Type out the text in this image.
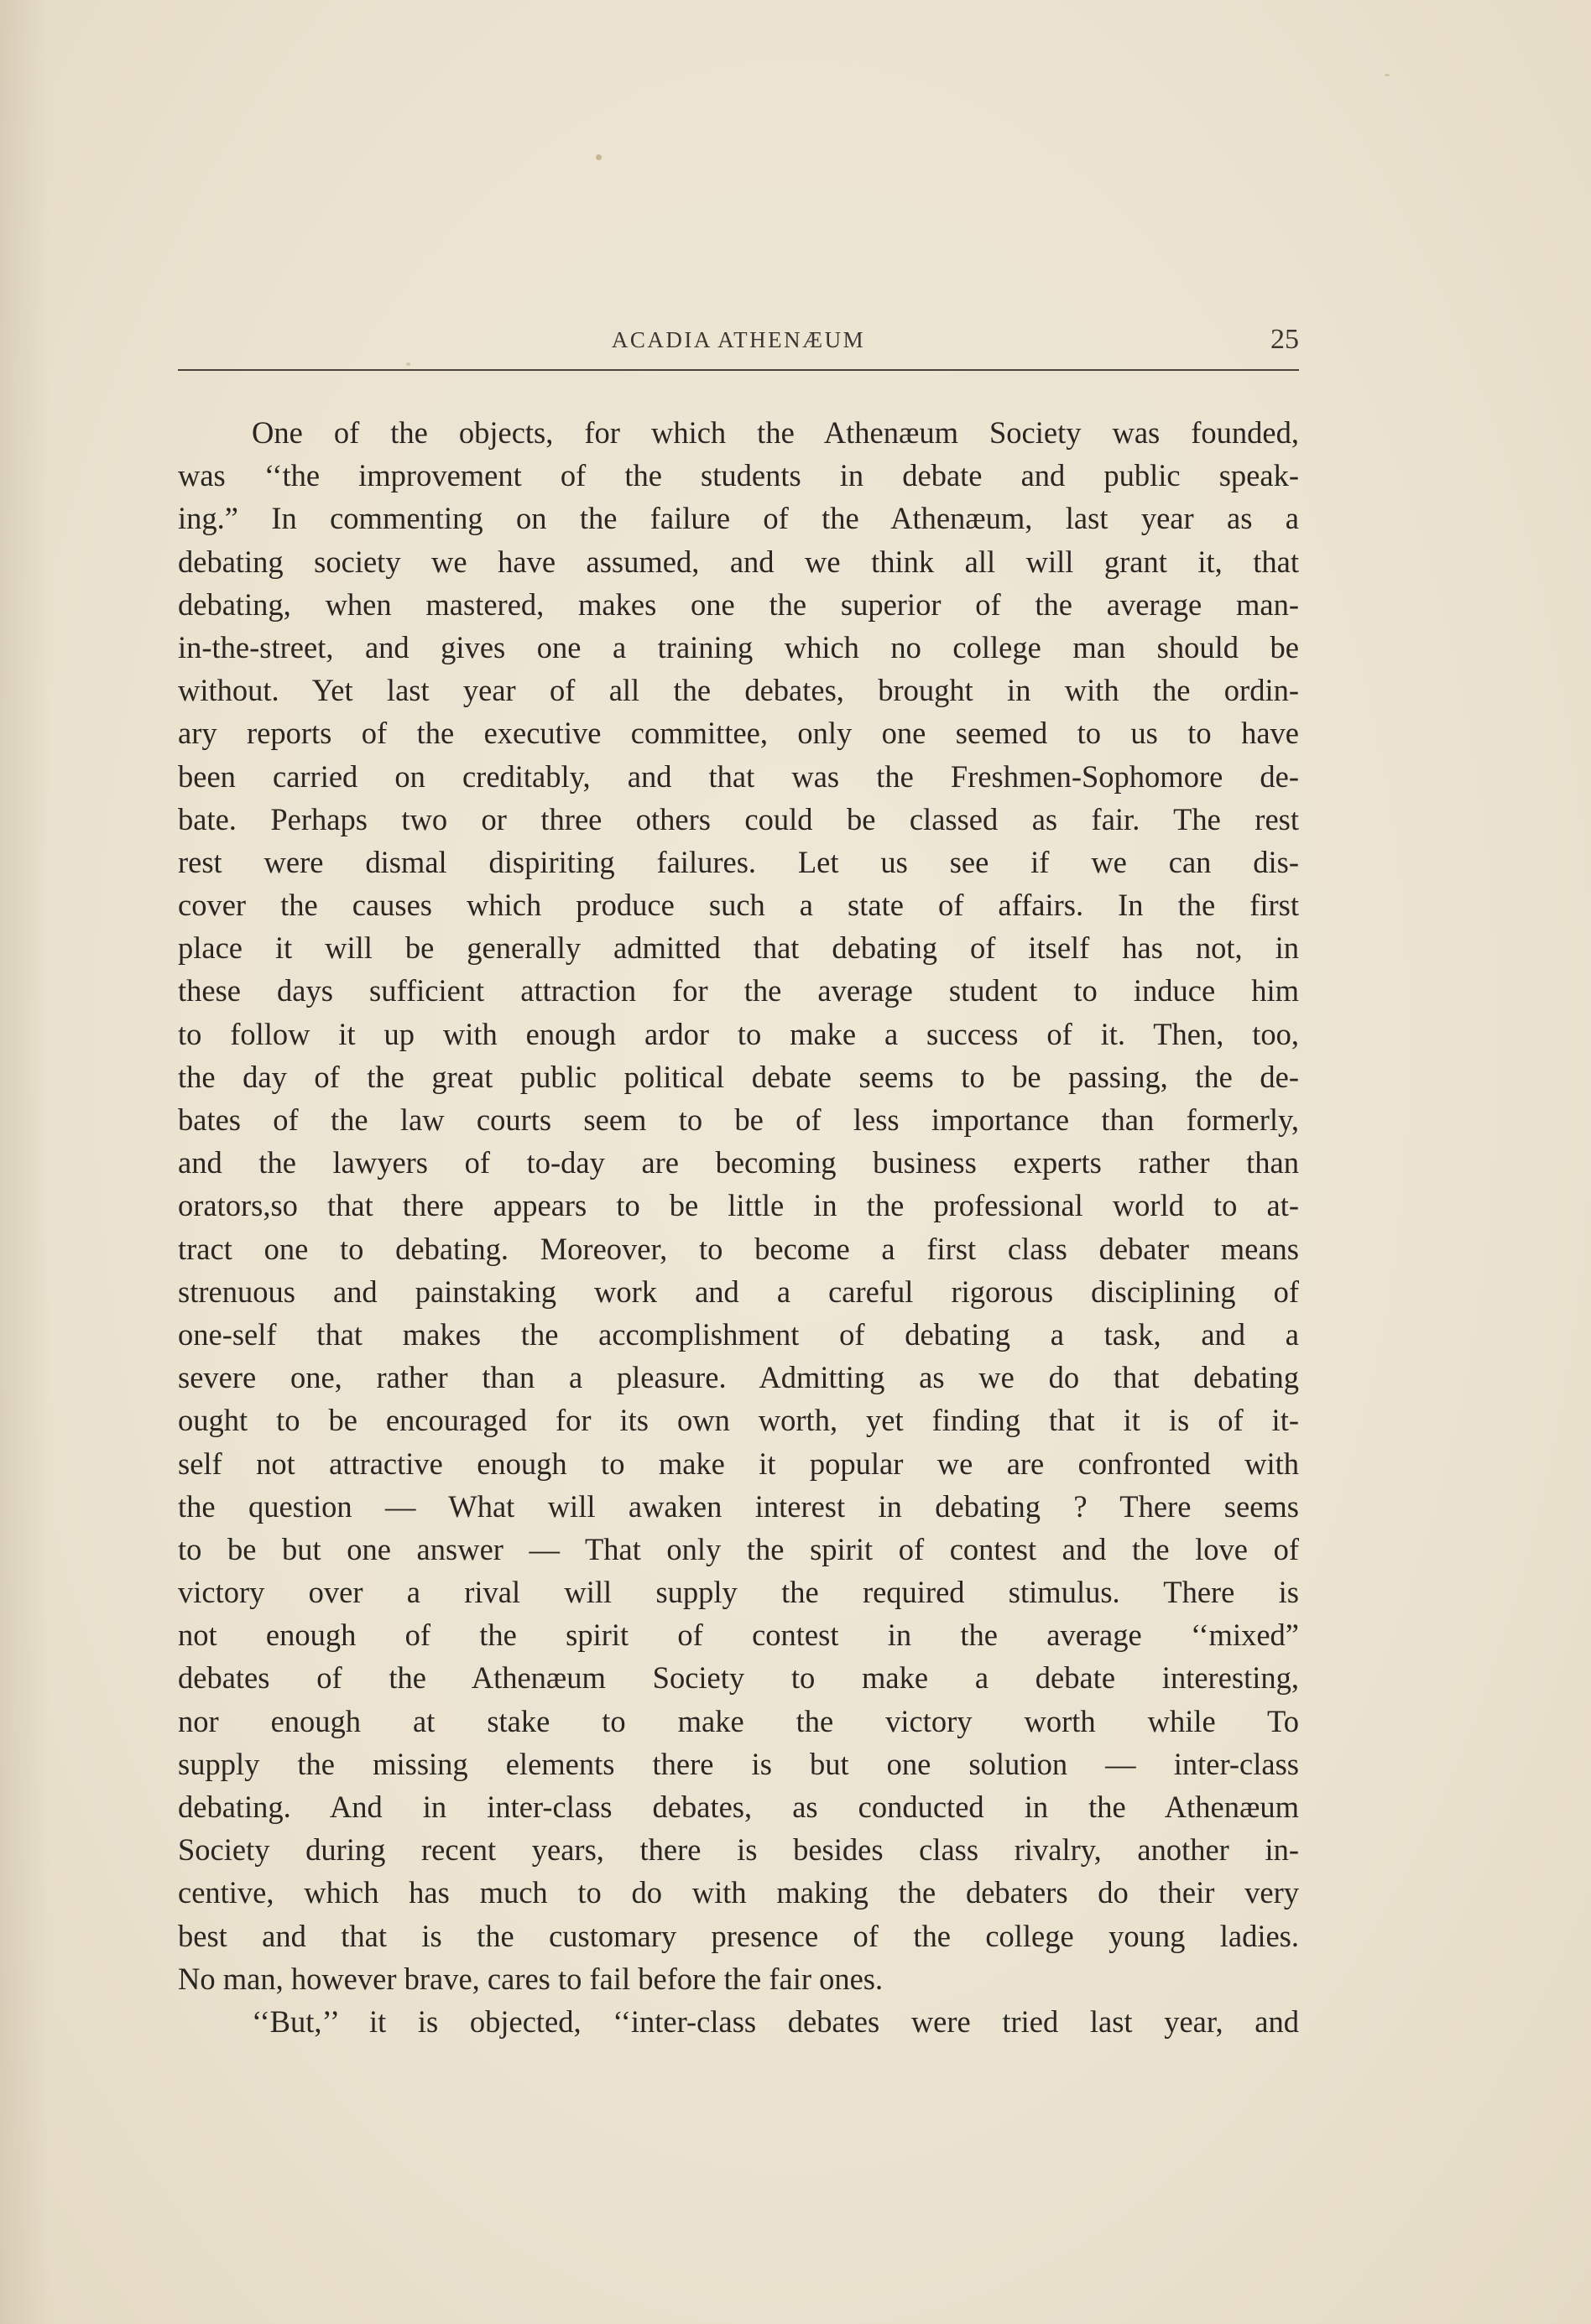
ACADIA ATHENÆUM	25
One of the objects, for which the Athenæum Society was founded,
was ‘‘the improvement of the students in debate and public speak-
ing.” In commenting on the failure of the Athenæum, last year as a
debating society we have assumed, and we think all will grant it, that
debating, when mastered, makes one the superior of the average man-
in-the-street, and gives one a training which no college man should be
without. Yet last year of all the debates, brought in with the ordin-
ary reports of the executive committee, only one seemed to us to have
been carried on creditably, and that was the Freshmen-Sophomore de-
bate. Perhaps two or three others could be classed as fair. The rest
rest were dismal dispiriting failures. Let us see if we can dis-
cover the causes which produce such a state of affairs. In the first
place it will be generally admitted that debating of itself has not, in
these days sufficient attraction for the average student to induce him
to follow it up with enough ardor to make a success of it. Then, too,
the day of the great public political debate seems to be passing, the de-
bates of the law courts seem to be of less importance than formerly,
and the lawyers of to-day are becoming business experts rather than
orators,so that there appears to be little in the professional world to at-
tract one to debating. Moreover, to become a first class debater means
strenuous and painstaking work and a careful rigorous disciplining of
one-self that makes the accomplishment of debating a task, and a
severe one, rather than a pleasure. Admitting as we do that debating
ought to be encouraged for its own worth, yet finding that it is of it-
self not attractive enough to make it popular we are confronted with
the question — What will awaken interest in debating ? There seems
to be but one answer — That only the spirit of contest and the love of
victory over a rival will supply the required stimulus. There is
not enough of the spirit of contest in the average ‘‘mixed”
debates of the Athenæum Society to make a debate interesting,
nor enough at stake to make the victory worth while To
supply the missing elements there is but one solution — inter-class
debating. And in inter-class debates, as conducted in the Athenæum
Society during recent years, there is besides class rivalry, another in-
centive, which has much to do with making the debaters do their very
best and that is the customary presence of the college young ladies.
No man, however brave, cares to fail before the fair ones.
‘‘But,’’ it is objected, ‘‘inter-class debates were tried last year, and
